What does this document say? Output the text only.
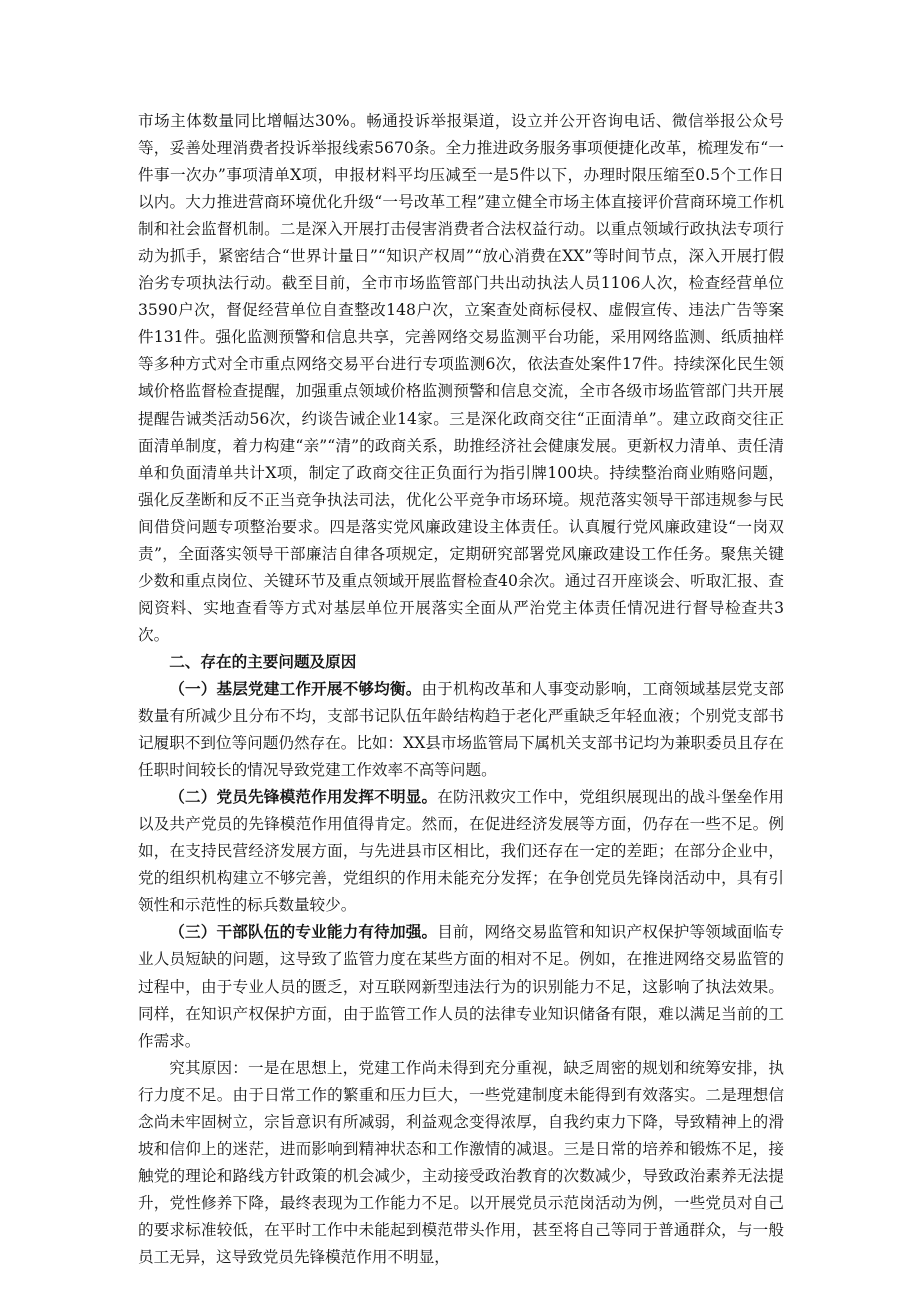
市场主体数量同比增幅达30%。畅通投诉举报渠道，设立并公开咨询电话、微信举报公众号等，妥善处理消费者投诉举报线索5670条。全力推进政务服务事项便捷化改革，梳理发布“一件事一次办”事项清单X项，申报材料平均压减至一是5件以下，办理时限压缩至0.5个工作日以内。大力推进营商环境优化升级“一号改革工程”建立健全市场主体直接评价营商环境工作机制和社会监督机制。二是深入开展打击侵害消费者合法权益行动。以重点领域行政执法专项行动为抓手，紧密结合“世界计量日”“知识产权周”“放心消费在XX”等时间节点，深入开展打假治劣专项执法行动。截至目前，全市市场监管部门共出动执法人员1106人次，检查经营单位3590户次，督促经营单位自查整改148户次，立案查处商标侵权、虚假宣传、违法广告等案件131件。强化监测预警和信息共享，完善网络交易监测平台功能，采用网络监测、纸质抽样等多种方式对全市重点网络交易平台进行专项监测6次，依法查处案件17件。持续深化民生领域价格监督检查提醒，加强重点领域价格监测预警和信息交流，全市各级市场监管部门共开展提醒告诫类活动56次，约谈告诫企业14家。三是深化政商交往“正面清单”。建立政商交往正面清单制度，着力构建“亲”“清”的政商关系，助推经济社会健康发展。更新权力清单、责任清单和负面清单共计X项，制定了政商交往正负面行为指引牌100块。持续整治商业贿赂问题，强化反垄断和反不正当竞争执法司法，优化公平竞争市场环境。规范落实领导干部违规参与民间借贷问题专项整治要求。四是落实党风廉政建设主体责任。认真履行党风廉政建设“一岗双责”，全面落实领导干部廉洁自律各项规定，定期研究部署党风廉政建设工作任务。聚焦关键少数和重点岗位、关键环节及重点领域开展监督检查40余次。通过召开座谈会、听取汇报、查阅资料、实地查看等方式对基层单位开展落实全面从严治党主体责任情况进行督导检查共3次。

二、存在的主要问题及原因

（一）基层党建工作开展不够均衡。由于机构改革和人事变动影响，工商领域基层党支部数量有所减少且分布不均，支部书记队伍年龄结构趋于老化严重缺乏年轻血液；个别党支部书记履职不到位等问题仍然存在。比如：XX县市场监管局下属机关支部书记均为兼职委员且存在任职时间较长的情况导致党建工作效率不高等问题。

（二）党员先锋模范作用发挥不明显。在防汛救灾工作中，党组织展现出的战斗堡垒作用以及共产党员的先锋模范作用值得肯定。然而，在促进经济发展等方面，仍存在一些不足。例如，在支持民营经济发展方面，与先进县市区相比，我们还存在一定的差距；在部分企业中，党的组织机构建立不够完善，党组织的作用未能充分发挥；在争创党员先锋岗活动中，具有引领性和示范性的标兵数量较少。

（三）干部队伍的专业能力有待加强。目前，网络交易监管和知识产权保护等领域面临专业人员短缺的问题，这导致了监管力度在某些方面的相对不足。例如，在推进网络交易监管的过程中，由于专业人员的匮乏，对互联网新型违法行为的识别能力不足，这影响了执法效果。同样，在知识产权保护方面，由于监管工作人员的法律专业知识储备有限，难以满足当前的工作需求。

究其原因：一是在思想上，党建工作尚未得到充分重视，缺乏周密的规划和统筹安排，执行力度不足。由于日常工作的繁重和压力巨大，一些党建制度未能得到有效落实。二是理想信念尚未牢固树立，宗旨意识有所减弱，利益观念变得浓厚，自我约束力下降，导致精神上的滑坡和信仰上的迷茫，进而影响到精神状态和工作激情的减退。三是日常的培养和锻炼不足，接触党的理论和路线方针政策的机会减少，主动接受政治教育的次数减少，导致政治素养无法提升，党性修养下降，最终表现为工作能力不足。以开展党员示范岗活动为例，一些党员对自己的要求标准较低，在平时工作中未能起到模范带头作用，甚至将自己等同于普通群众，与一般员工无异，这导致党员先锋模范作用不明显，
